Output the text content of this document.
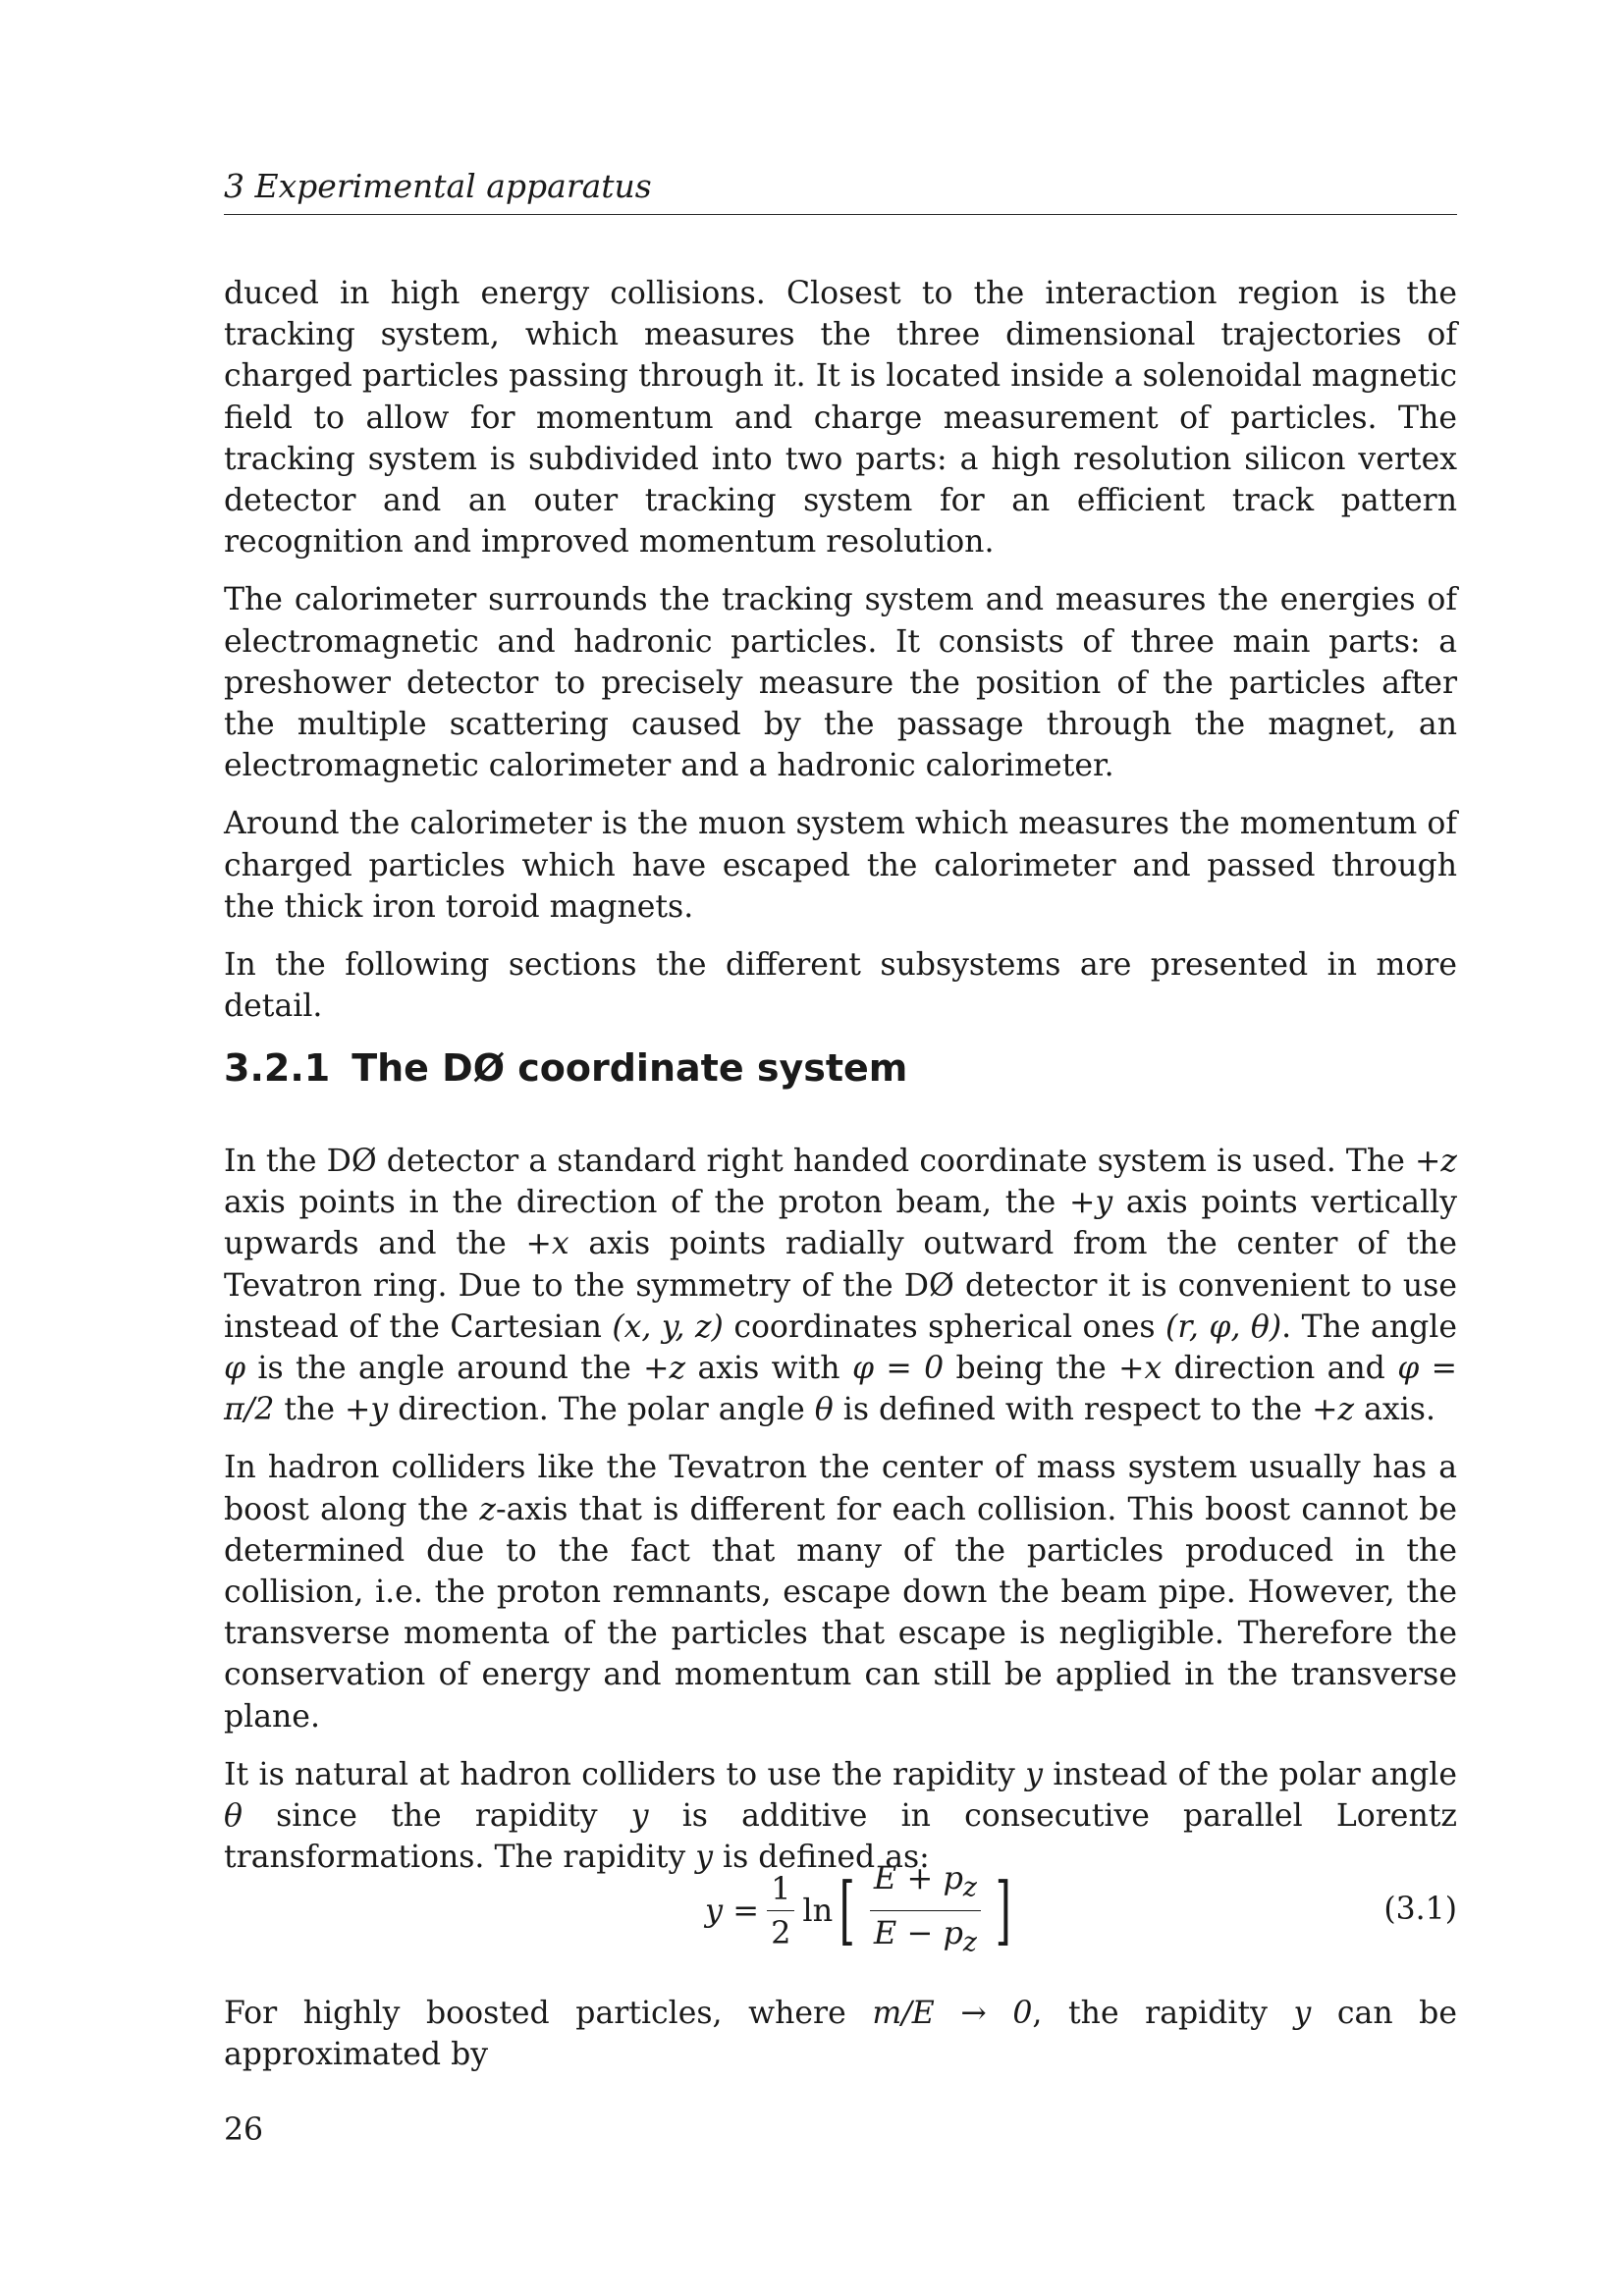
3 Experimental apparatus

duced in high energy collisions. Closest to the interaction region is the tracking system, which measures the three dimensional trajectories of charged particles passing through it. It is located inside a solenoidal magnetic field to allow for momentum and charge measurement of particles. The tracking system is subdivided into two parts: a high resolution silicon vertex detector and an outer tracking system for an efficient track pattern recognition and improved momentum resolution.

The calorimeter surrounds the tracking system and measures the energies of electromagnetic and hadronic particles. It consists of three main parts: a preshower detector to precisely measure the position of the particles after the multiple scattering caused by the passage through the magnet, an electromagnetic calorimeter and a hadronic calorimeter.

Around the calorimeter is the muon system which measures the momentum of charged particles which have escaped the calorimeter and passed through the thick iron toroid magnets.

In the following sections the different subsystems are presented in more detail.

3.2.1 The DØ coordinate system

In the DØ detector a standard right handed coordinate system is used. The +z axis points in the direction of the proton beam, the +y axis points vertically upwards and the +x axis points radially outward from the center of the Tevatron ring. Due to the symmetry of the DØ detector it is convenient to use instead of the Cartesian (x, y, z) coordinates spherical ones (r, φ, θ). The angle φ is the angle around the +z axis with φ = 0 being the +x direction and φ = π/2 the +y direction. The polar angle θ is defined with respect to the +z axis.

In hadron colliders like the Tevatron the center of mass system usually has a boost along the z-axis that is different for each collision. This boost cannot be determined due to the fact that many of the particles produced in the collision, i.e. the proton remnants, escape down the beam pipe. However, the transverse momenta of the particles that escape is negligible. Therefore the conservation of energy and momentum can still be applied in the transverse plane.

It is natural at hadron colliders to use the rapidity y instead of the polar angle θ since the rapidity y is additive in consecutive parallel Lorentz transformations. The rapidity y is defined as:

$y = \frac{1}{2}$ ln [ $\frac{E + p_z}{E - p_z}$ ]	(3.1)

For highly boosted particles, where m/E → 0, the rapidity y can be approximated by

26
